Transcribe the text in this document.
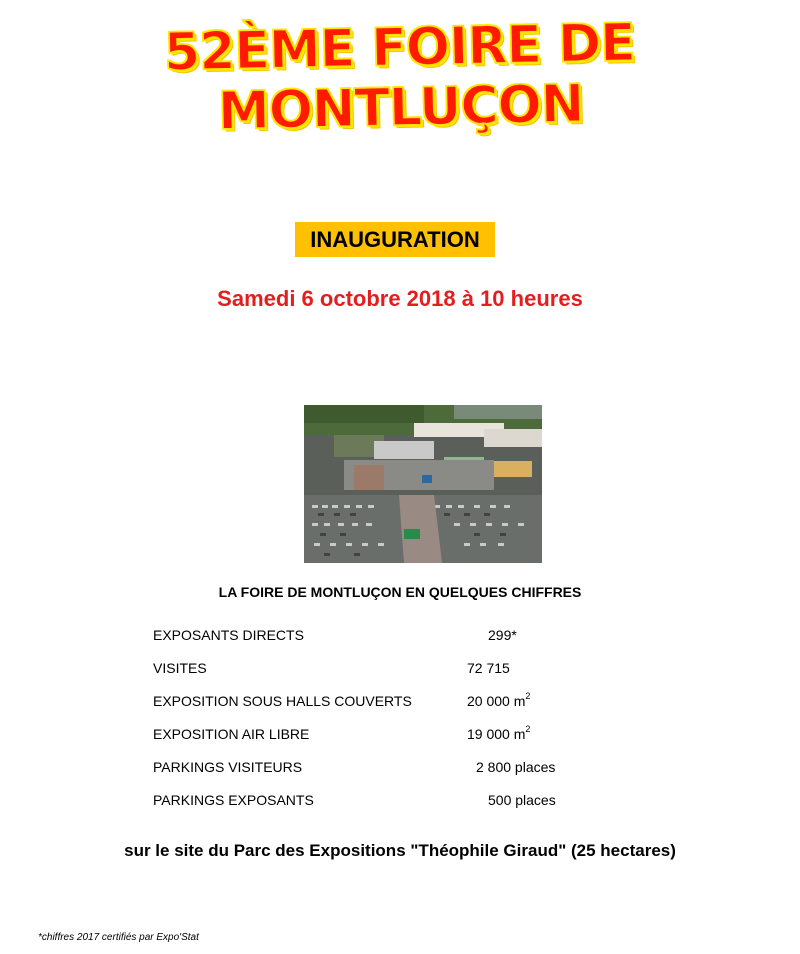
52ÈME FOIRE DE MONTLUÇON
INAUGURATION
Samedi 6 octobre 2018 à 10 heures
LA FOIRE DE MONTLUÇON EN QUELQUES CHIFFRES
EXPOSANTS DIRECTS	299*
VISITES	72 715
EXPOSITION SOUS HALLS COUVERTS	20 000 $m^2$
EXPOSITION AIR LIBRE	19 000 $m^2$
PARKINGS VISITEURS	2 800 places
PARKINGS EXPOSANTS	500 places
sur le site du Parc des Expositions "Théophile Giraud" (25 hectares)
*chiffres 2017 certifiés par Expo'Stat
